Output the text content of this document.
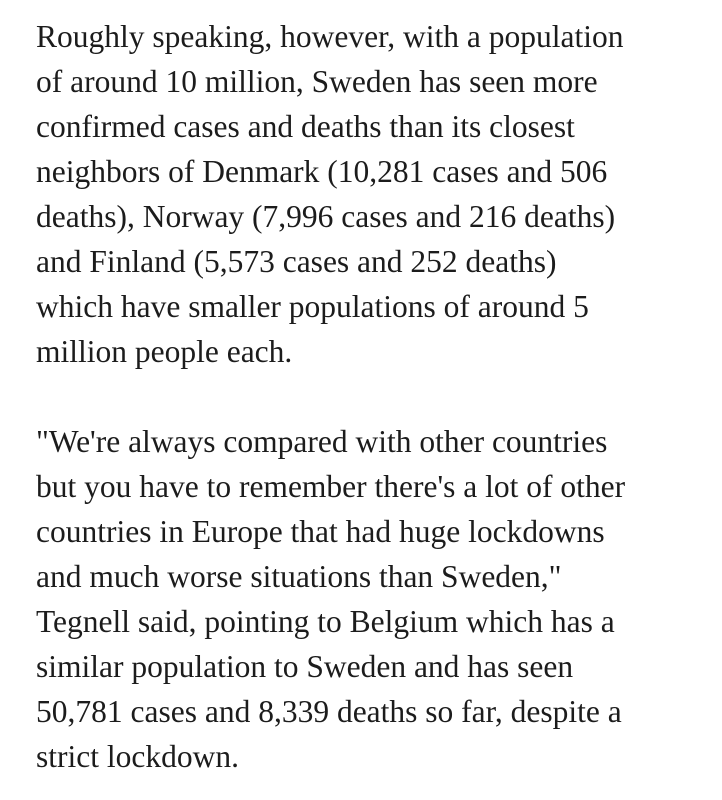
Roughly speaking, however, with a population
of around 10 million, Sweden has seen more
confirmed cases and deaths than its closest
neighbors of Denmark (10,281 cases and 506
deaths), Norway (7,996 cases and 216 deaths)
and Finland (5,573 cases and 252 deaths)
which have smaller populations of around 5
million people each.

"We're always compared with other countries
but you have to remember there's a lot of other
countries in Europe that had huge lockdowns
and much worse situations than Sweden,"
Tegnell said, pointing to Belgium which has a
similar population to Sweden and has seen
50,781 cases and 8,339 deaths so far, despite a
strict lockdown.
